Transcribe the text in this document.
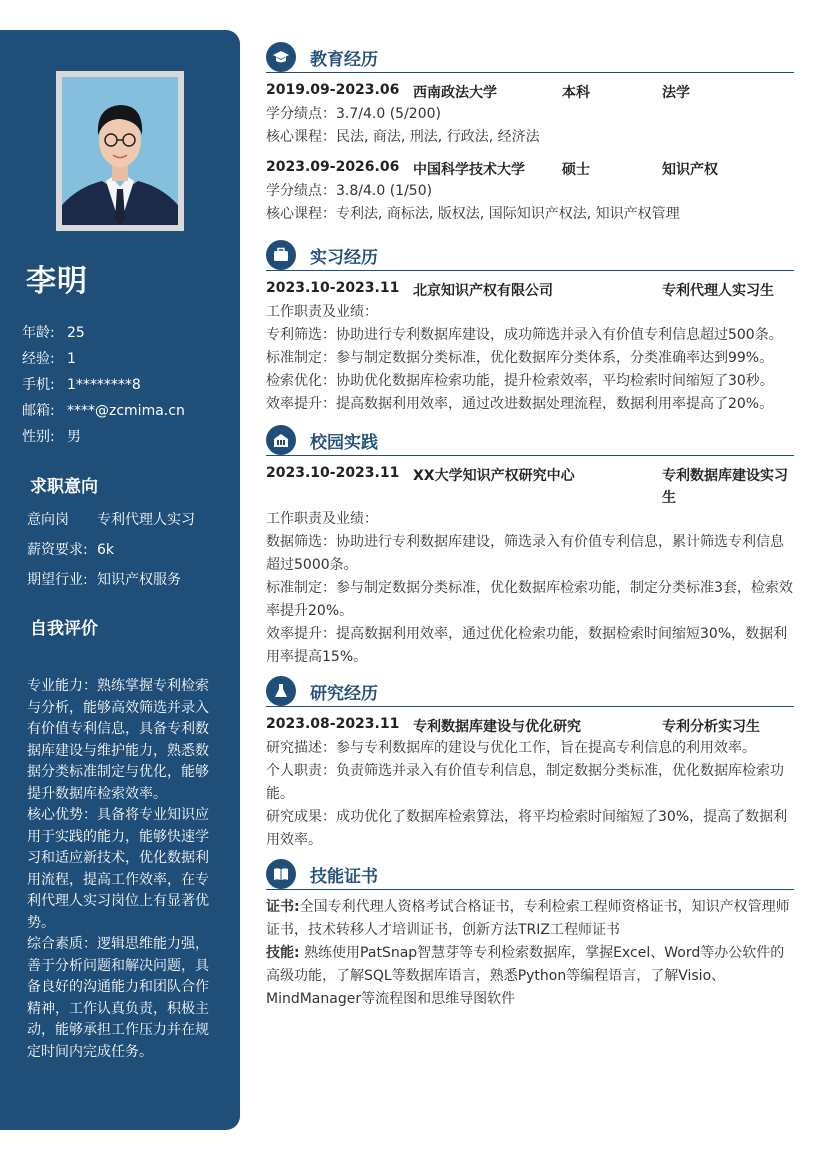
李明
年龄: 25
经验: 1
手机: 1********8
邮箱: ****@zcmima.cn
性别: 男
求职意向
意向岗	专利代理人实习
薪资要求: 6k
期望行业: 知识产权服务
自我评价

专业能力：熟练掌握专利检索与分析，能够高效筛选并录入有价值专利信息，具备专利数据库建设与维护能力，熟悉数据分类标准制定与优化，能够提升数据库检索效率。

核心优势：具备将专业知识应用于实践的能力，能够快速学习和适应新技术，优化数据利用流程，提高工作效率，在专利代理人实习岗位上有显著优势。

综合素质：逻辑思维能力强，善于分析问题和解决问题，具备良好的沟通能力和团队合作精神，工作认真负责，积极主动，能够承担工作压力并在规定时间内完成任务。

教育经历
2019.09-2023.06 西南政法大学	本科	法学

学分绩点：3.7/4.0 (5/200)

核心课程：民法, 商法, 刑法, 行政法, 经济法

2023.09-2026.06 中国科学技术大学	硕士	知识产权

学分绩点：3.8/4.0 (1/50)

核心课程：专利法, 商标法, 版权法, 国际知识产权法, 知识产权管理

实习经历
2023.10-2023.11 北京知识产权有限公司	专利代理人实习生

工作职责及业绩：

专利筛选：协助进行专利数据库建设，成功筛选并录入有价值专利信息超过500条。

标准制定：参与制定数据分类标准，优化数据库分类体系，分类准确率达到99%。

检索优化：协助优化数据库检索功能，提升检索效率，平均检索时间缩短了30秒。

效率提升：提高数据利用效率，通过改进数据处理流程，数据利用率提高了20%。

校园实践
2023.10-2023.11 XX大学知识产权研究中心	专利数据库建设实习生

工作职责及业绩：

数据筛选：协助进行专利数据库建设，筛选录入有价值专利信息，累计筛选专利信息超过5000条。

标准制定：参与制定数据分类标准，优化数据库检索功能，制定分类标准3套，检索效率提升20%。

效率提升：提高数据利用效率，通过优化检索功能，数据检索时间缩短30%，数据利用率提高15%。

研究经历
2023.08-2023.11 专利数据库建设与优化研究	专利分析实习生

研究描述：参与专利数据库的建设与优化工作，旨在提高专利信息的利用效率。

个人职责：负责筛选并录入有价值专利信息，制定数据分类标准，优化数据库检索功能。

研究成果：成功优化了数据库检索算法，将平均检索时间缩短了30%，提高了数据利用效率。

技能证书

证书:全国专利代理人资格考试合格证书，专利检索工程师资格证书，知识产权管理师证书，技术转移人才培训证书，创新方法TRIZ工程师证书

技能: 熟练使用PatSnap智慧芽等专利检索数据库，掌握Excel、Word等办公软件的高级功能，了解SQL等数据库语言，熟悉Python等编程语言，了解Visio、MindManager等流程图和思维导图软件
